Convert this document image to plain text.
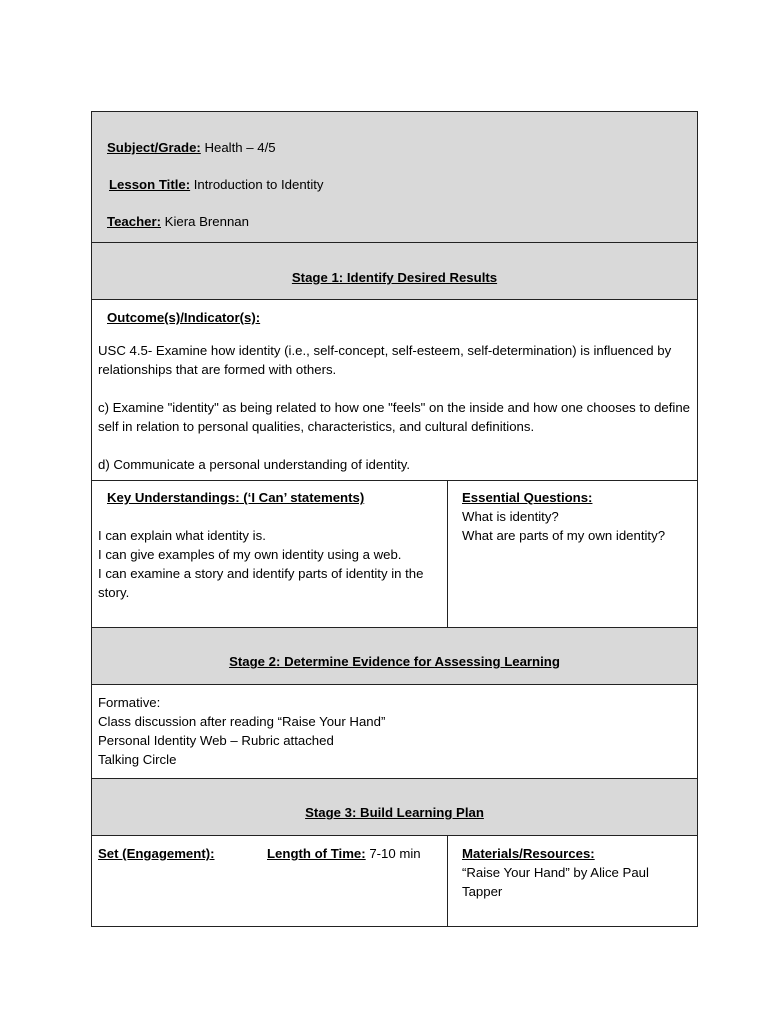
Subject/Grade: Health – 4/5
Lesson Title: Introduction to Identity
Teacher: Kiera Brennan
Stage 1: Identify Desired Results
Outcome(s)/Indicator(s):
USC 4.5- Examine how identity (i.e., self-concept, self-esteem, self-determination) is influenced by relationships that are formed with others.
c) Examine "identity" as being related to how one "feels" on the inside and how one chooses to define self in relation to personal qualities, characteristics, and cultural definitions.
d) Communicate a personal understanding of identity.
Key Understandings: (‘I Can’ statements)
I can explain what identity is.
I can give examples of my own identity using a web.
I can examine a story and identify parts of identity in the story.
Essential Questions:
What is identity?
What are parts of my own identity?
Stage 2: Determine Evidence for Assessing Learning
Formative:
Class discussion after reading “Raise Your Hand”
Personal Identity Web – Rubric attached
Talking Circle
Stage 3: Build Learning Plan
Set (Engagement):	Length of Time: 7-10 min	Materials/Resources:
“Raise Your Hand” by Alice Paul Tapper
